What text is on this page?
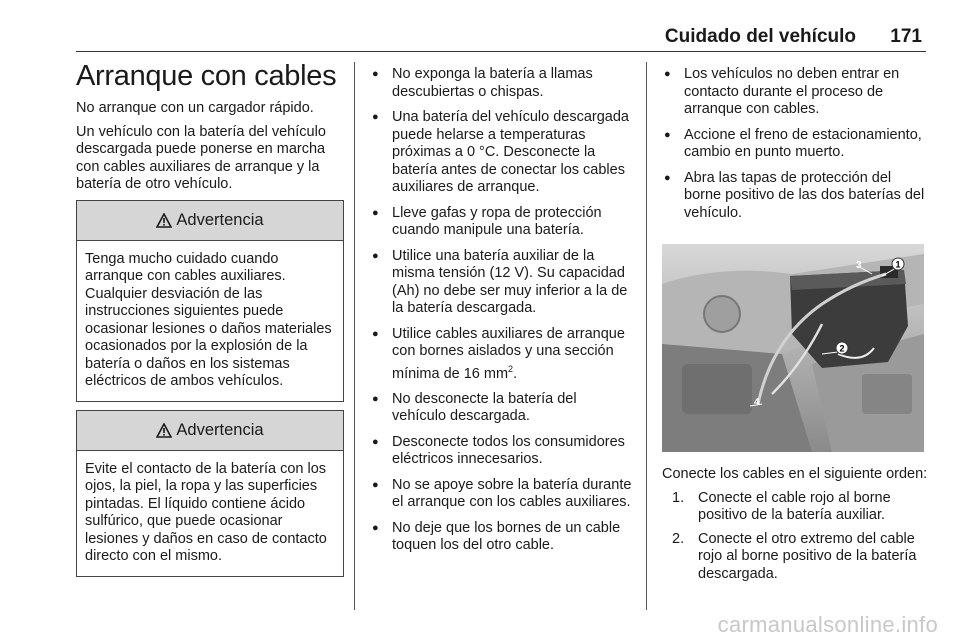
Cuidado del vehículo 171
Arranque con cables

No arranque con un cargador rápido.

Un vehículo con la batería del vehículo descargada puede ponerse en marcha con cables auxiliares de arranque y la batería de otro vehículo.

Advertencia
Tenga mucho cuidado cuando arranque con cables auxiliares. Cualquier desviación de las instrucciones siguientes puede ocasionar lesiones o daños materiales ocasionados por la explosión de la batería o daños en los sistemas eléctricos de ambos vehículos.
Advertencia
Evite el contacto de la batería con los ojos, la piel, la ropa y las superficies pintadas. El líquido contiene ácido sulfúrico, que puede ocasionar lesiones y daños en caso de contacto directo con el mismo.
● No exponga la batería a llamas descubiertas o chispas.
● Una batería del vehículo descargada puede helarse a temperaturas próximas a 0 °C. Desconecte la batería antes de conectar los cables auxiliares de arranque.
● Lleve gafas y ropa de protección cuando manipule una batería.
● Utilice una batería auxiliar de la misma tensión (12 V). Su capacidad (Ah) no debe ser muy inferior a la de la batería descargada.
● Utilice cables auxiliares de arranque con bornes aislados y una sección mínima de 16 $mm^2$.
● No desconecte la batería del vehículo descargada.
● Desconecte todos los consumidores eléctricos innecesarios.
● No se apoye sobre la batería durante el arranque con los cables auxiliares.
● No deje que los bornes de un cable toquen los del otro cable.
● Los vehículos no deben entrar en contacto durante el proceso de arranque con cables.
● Accione el freno de estacionamiento, cambio en punto muerto.
● Abra las tapas de protección del borne positivo de las dos baterías del vehículo.
1
2
3
4

Conecte los cables en el siguiente orden:

1. Conecte el cable rojo al borne positivo de la batería auxiliar.
2. Conecte el otro extremo del cable rojo al borne positivo de la batería descargada.
carmanualsonline.info
